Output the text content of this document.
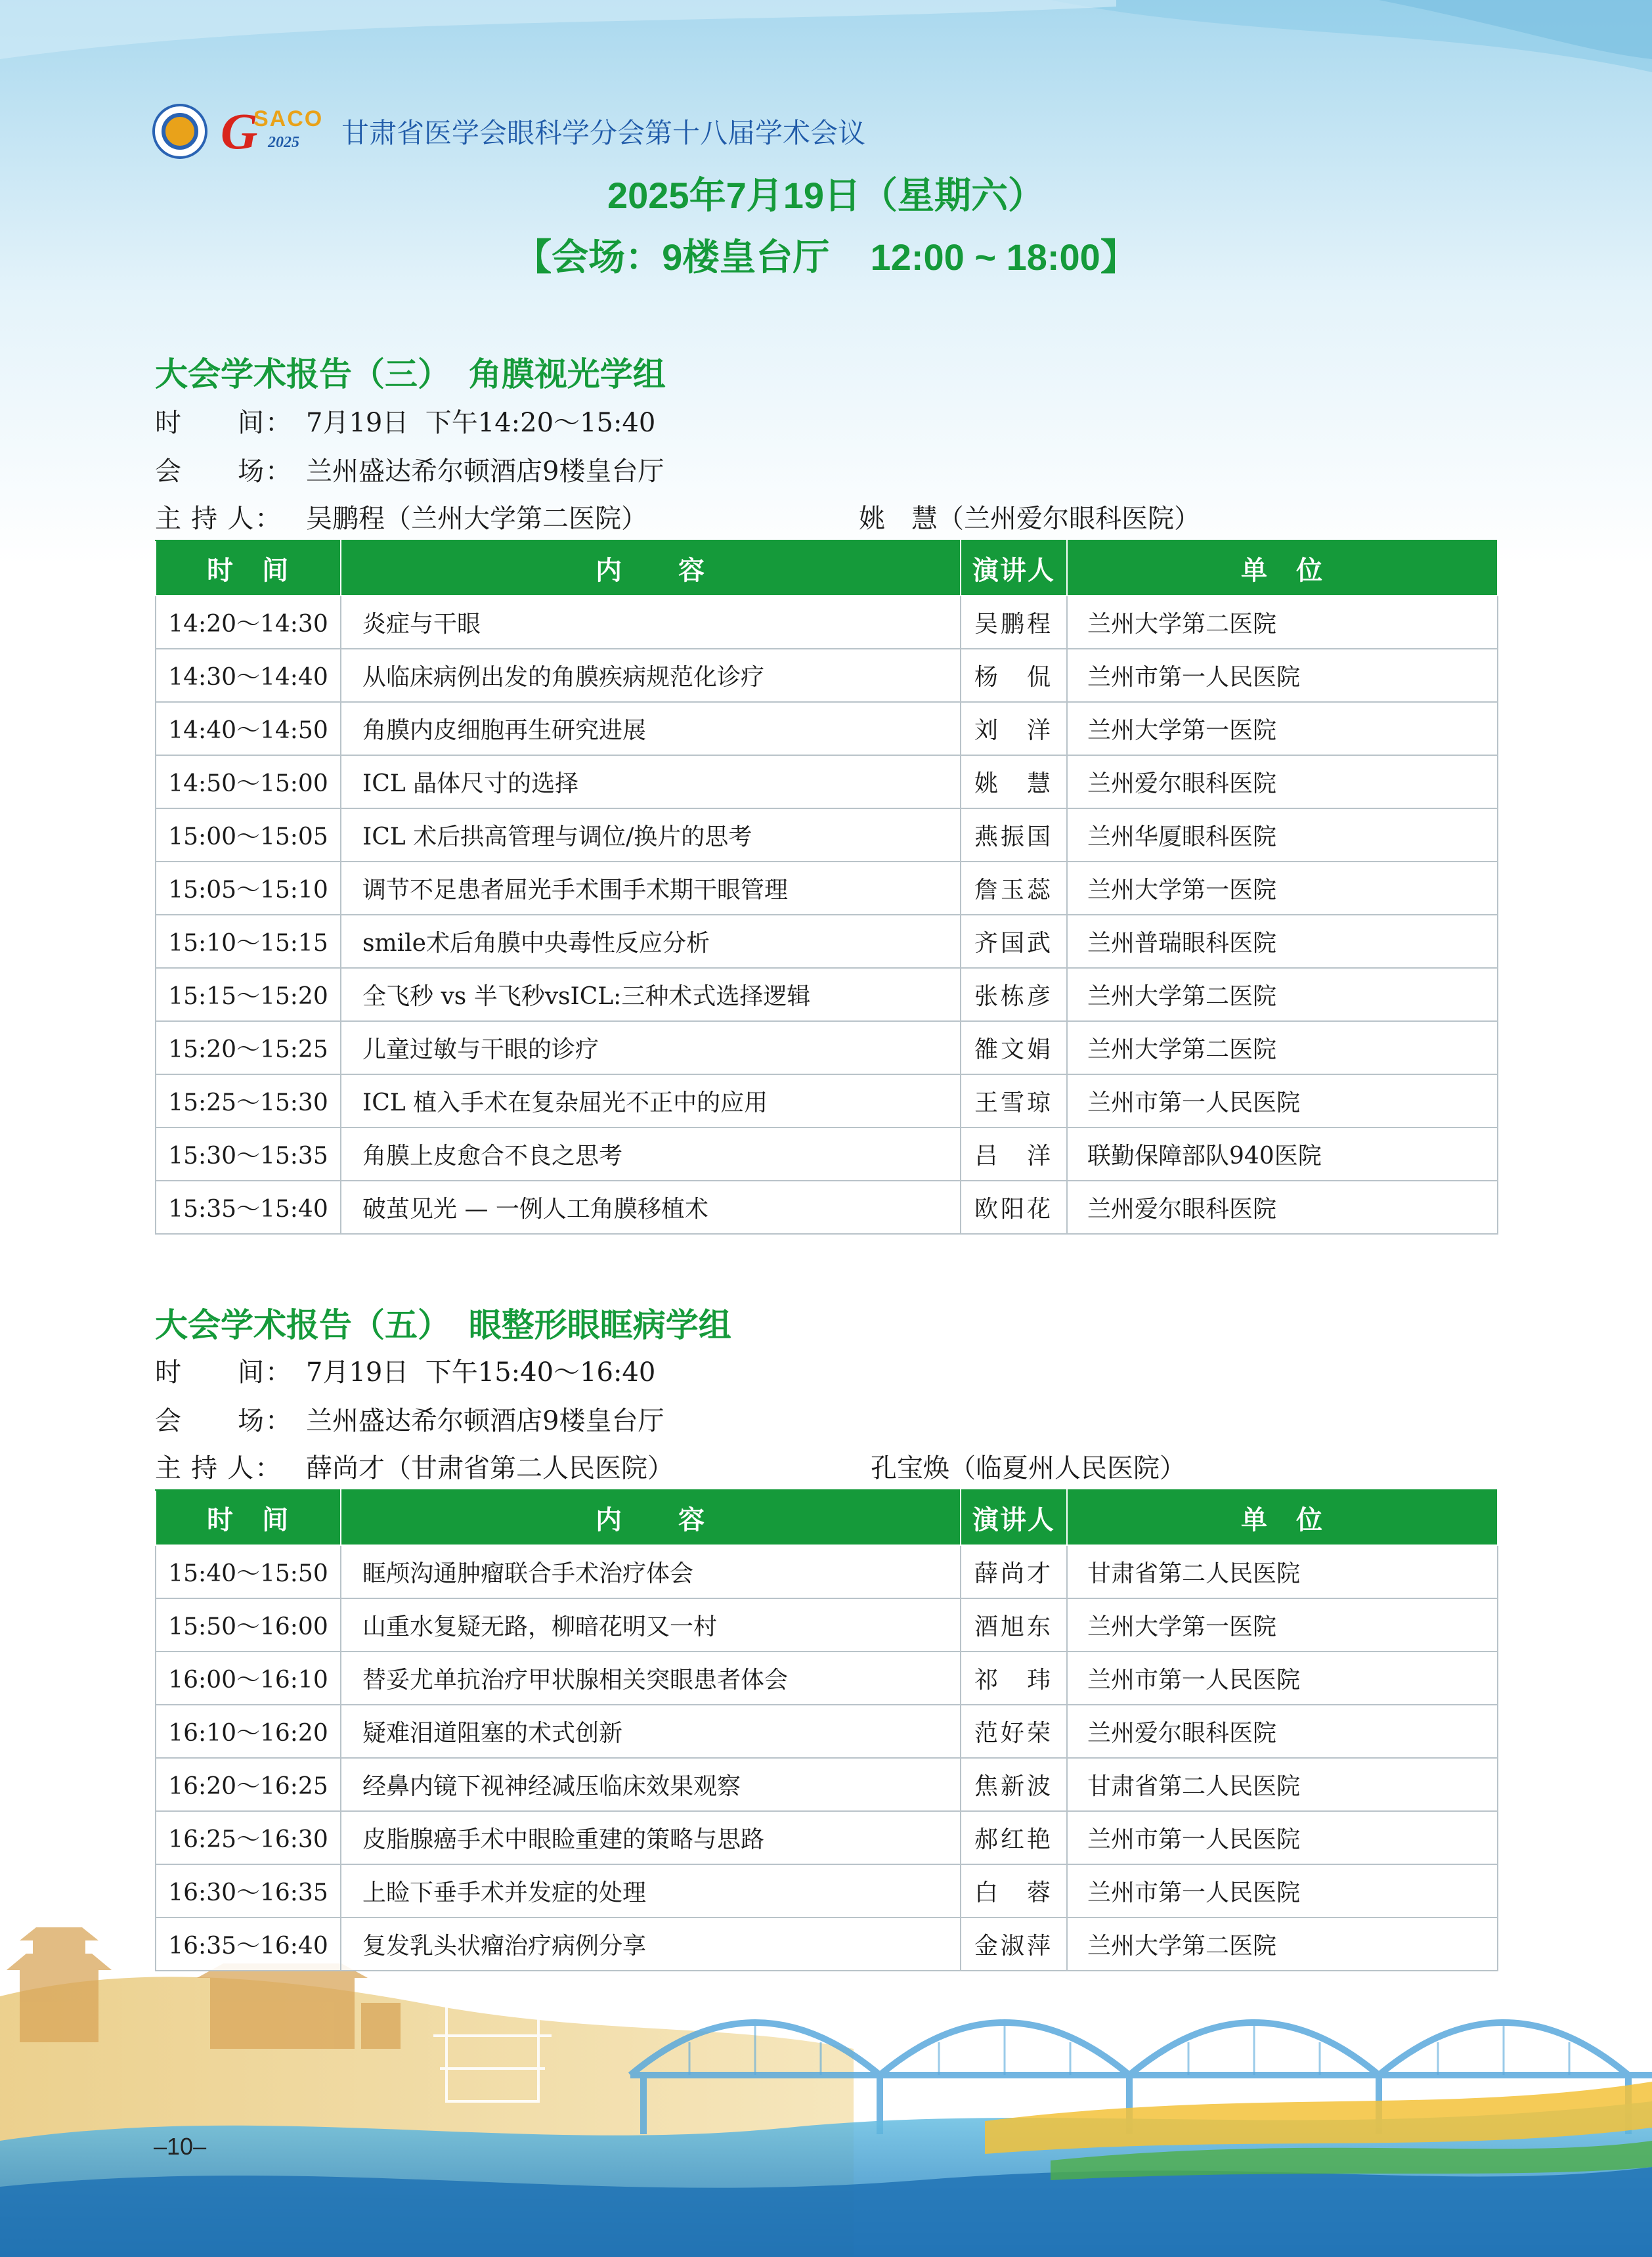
G
SACO
2025 甘肃省医学会眼科学分会第十八届学术会议
2025年7月19日（星期六）
【会场：9楼皇台厅    12:00 ~ 18:00】
大会学术报告（三）  角膜视光学组
时　　间： 7月19日  下午14:20～15:40
会　　场： 兰州盛达希尔顿酒店9楼皇台厅
主 持 人： 吴鹏程（兰州大学第二医院）	姚　慧（兰州爱尔眼科医院）
时　间	内　　容	演讲人	单　位
14:20～14:30	炎症与干眼	吴鹏程	兰州大学第二医院
14:30～14:40	从临床病例出发的角膜疾病规范化诊疗	杨　侃	兰州市第一人民医院
14:40～14:50	角膜内皮细胞再生研究进展	刘　洋	兰州大学第一医院
14:50～15:00	ICL 晶体尺寸的选择	姚　慧	兰州爱尔眼科医院
15:00～15:05	ICL 术后拱高管理与调位/换片的思考	燕振国	兰州华厦眼科医院
15:05～15:10	调节不足患者屈光手术围手术期干眼管理	詹玉蕊	兰州大学第一医院
15:10～15:15	smile术后角膜中央毒性反应分析	齐国武	兰州普瑞眼科医院
15:15～15:20	全飞秒 vs 半飞秒vsICL:三种术式选择逻辑	张栋彦	兰州大学第二医院
15:20～15:25	儿童过敏与干眼的诊疗	雒文娟	兰州大学第二医院
15:25～15:30	ICL 植入手术在复杂屈光不正中的应用	王雪琼	兰州市第一人民医院
15:30～15:35	角膜上皮愈合不良之思考	吕　洋	联勤保障部队940医院
15:35～15:40	破茧见光 — 一例人工角膜移植术	欧阳花	兰州爱尔眼科医院
大会学术报告（五）  眼整形眼眶病学组
时　　间： 7月19日  下午15:40～16:40
会　　场： 兰州盛达希尔顿酒店9楼皇台厅
主 持 人： 薛尚才（甘肃省第二人民医院）	孔宝焕（临夏州人民医院）
时　间	内　　容	演讲人	单　位
15:40～15:50	眶颅沟通肿瘤联合手术治疗体会	薛尚才	甘肃省第二人民医院
15:50～16:00	山重水复疑无路，柳暗花明又一村	酒旭东	兰州大学第一医院
16:00～16:10	替妥尤单抗治疗甲状腺相关突眼患者体会	祁　玮	兰州市第一人民医院
16:10～16:20	疑难泪道阻塞的术式创新	范好荣	兰州爱尔眼科医院
16:20～16:25	经鼻内镜下视神经减压临床效果观察	焦新波	甘肃省第二人民医院
16:25～16:30	皮脂腺癌手术中眼睑重建的策略与思路	郝红艳	兰州市第一人民医院
16:30～16:35	上睑下垂手术并发症的处理	白　蓉	兰州市第一人民医院
16:35～16:40	复发乳头状瘤治疗病例分享	金淑萍	兰州大学第二医院
–10–
